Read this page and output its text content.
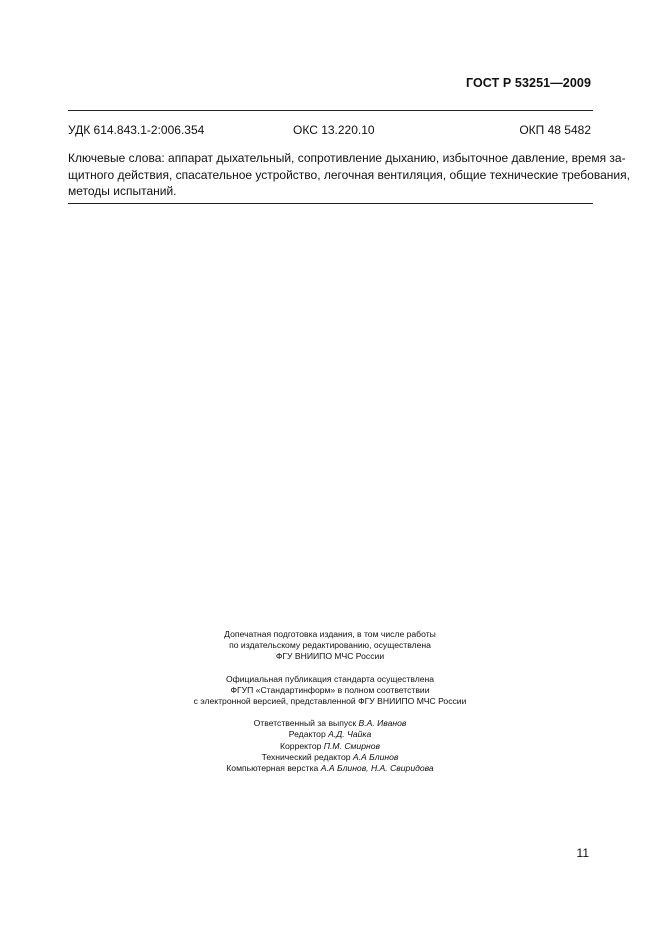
ГОСТ Р 53251—2009
УДК 614.843.1-2:006.354	ОКС 13.220.10	ОКП 48 5482
Ключевые слова: аппарат дыхательный, сопротивление дыханию, избыточное давление, время за-
щитного действия, спасательное устройство, легочная вентиляция, общие технические требования,
методы испытаний.
Допечатная подготовка издания, в том числе работы
по издательскому редактированию, осуществлена
ФГУ ВНИИПО МЧС России
Официальная публикация стандарта осуществлена
ФГУП «Стандартинформ» в полном соответствии
с электронной версией, представленной ФГУ ВНИИПО МЧС России
Ответственный за выпуск В.А. Иванов
Редактор А.Д. Чайка
Корректор П.М. Смирнов
Технический редактор А.А Блинов
Компьютерная верстка А.А Блинов, Н.А. Свиридова
11
